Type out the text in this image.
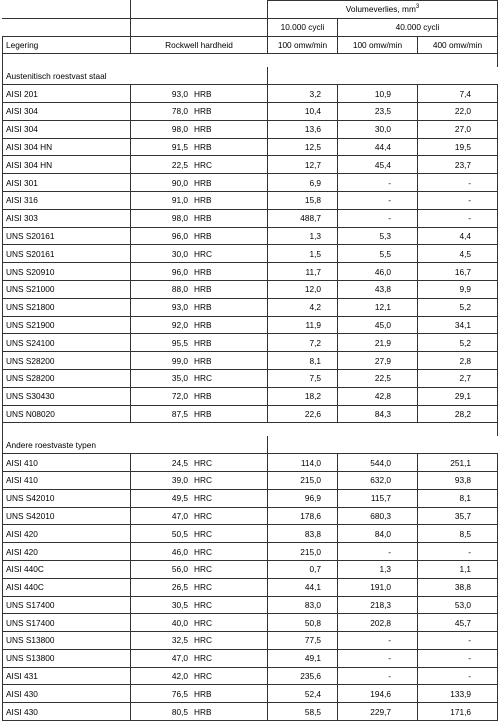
		Volumeverlies, $mm^3$
		10.000 cycli	40.000 cycli	
Legering	Rockwell hardheid	100 omw/min	100 omw/min	400 omw/min

Austenitisch roestvast staal				
AISI 201	93,0 HRB	3,2	10,9	7,4
AISI 304	78,0 HRB	10,4	23,5	22,0
AISI 304	98,0 HRB	13,6	30,0	27,0
AISI 304 HN	91,5 HRB	12,5	44,4	19,5
AISI 304 HN	22,5 HRC	12,7	45,4	23,7
AISI 301	90,0 HRB	6,9	-	-
AISI 316	91,0 HRB	15,8	-	-
AISI 303	98,0 HRB	488,7	-	-
UNS S20161	96,0 HRB	1,3	5,3	4,4
UNS S20161	30,0 HRC	1,5	5,5	4,5
UNS S20910	96,0 HRB	11,7	46,0	16,7
UNS S21000	88,0 HRB	12,0	43,8	9,9
UNS S21800	93,0 HRB	4,2	12,1	5,2
UNS S21900	92,0 HRB	11,9	45,0	34,1
UNS S24100	95,5 HRB	7,2	21,9	5,2
UNS S28200	99,0 HRB	8,1	27,9	2,8
UNS S28200	35,0 HRC	7,5	22,5	2,7
UNS S30430	72,0 HRB	18,2	42,8	29,1
UNS N08020	87,5 HRB	22,6	84,3	28,2

Andere roestvaste typen				
AISI 410	24,5 HRC	114,0	544,0	251,1
AISI 410	39,0 HRC	215,0	632,0	93,8
UNS S42010	49,5 HRC	96,9	115,7	8,1
UNS S42010	47,0 HRC	178,6	680,3	35,7
AISI 420	50,5 HRC	83,8	84,0	8,5
AISI 420	46,0 HRC	215,0	-	-
AISI 440C	56,0 HRC	0,7	1,3	1,1
AISI 440C	26,5 HRC	44,1	191,0	38,8
UNS S17400	30,5 HRC	83,0	218,3	53,0
UNS S17400	40,0 HRC	50,8	202,8	45,7
UNS S13800	32,5 HRC	77,5	-	-
UNS S13800	47,0 HRC	49,1	-	-
AISI 431	42,0 HRC	235,6	-	-
AISI 430	76,5 HRB	52,4	194,6	133,9
AISI 430	80,5 HRB	58,5	229,7	171,6
